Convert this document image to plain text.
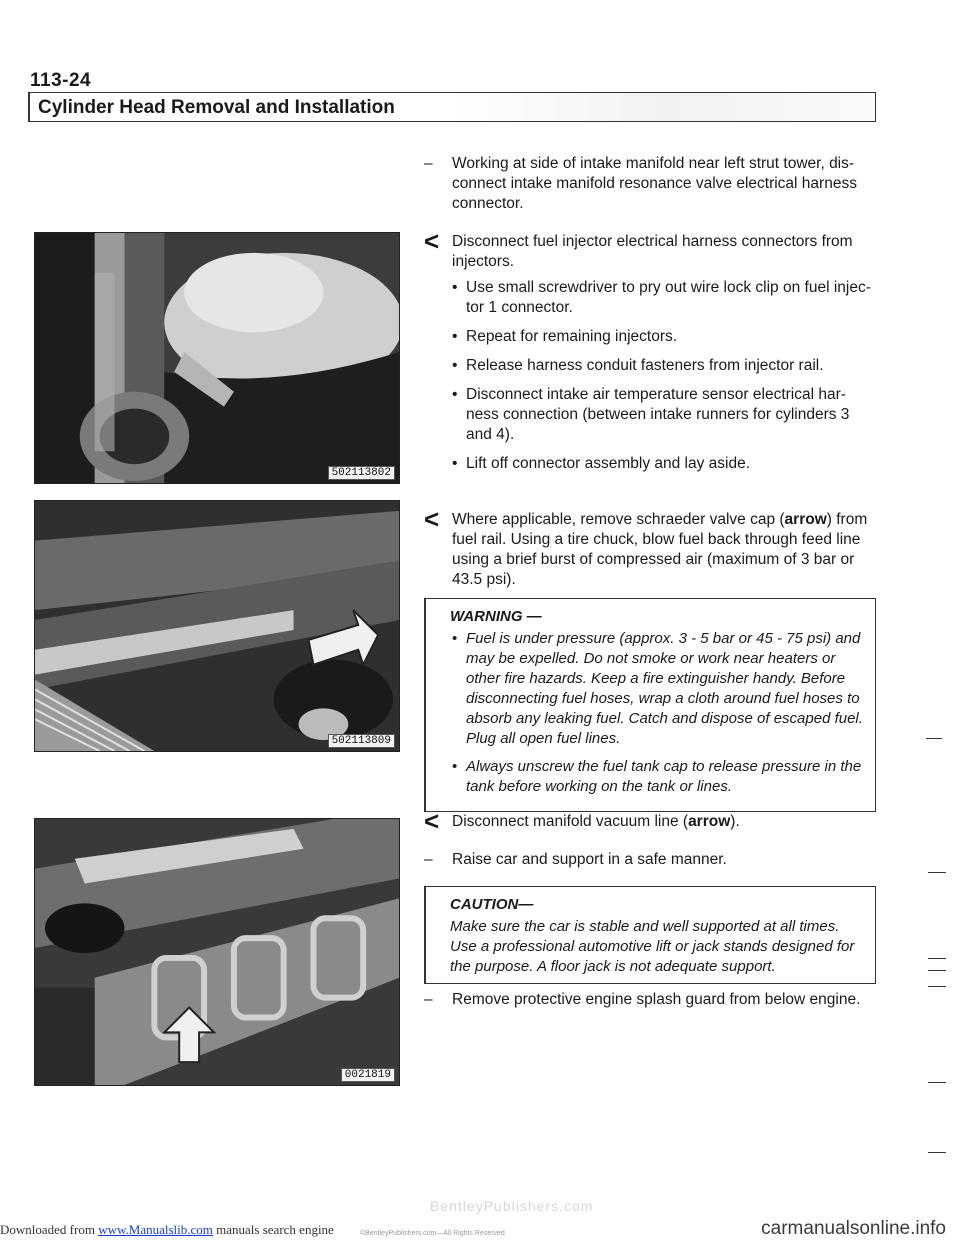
113-24
Cylinder Head Removal and Installation
502113802
502113809
0021819
– Working at side of intake manifold near left strut tower, dis- connect intake manifold resonance valve electrical harness connector.
< Disconnect fuel injector electrical harness connectors from injectors.
• Use small screwdriver to pry out wire lock clip on fuel injec- tor 1 connector.
• Repeat for remaining injectors.
• Release harness conduit fasteners from injector rail.
• Disconnect intake air temperature sensor electrical har- ness connection (between intake runners for cylinders 3 and 4).
• Lift off connector assembly and lay aside.
< Where applicable, remove schraeder valve cap (arrow) from fuel rail. Using a tire chuck, blow fuel back through feed line using a brief burst of compressed air (maximum of 3 bar or 43.5 psi).
WARNING —
• Fuel is under pressure (approx. 3 - 5 bar or 45 - 75 psi) and may be expelled. Do not smoke or work near heaters or other fire hazards. Keep a fire extinguisher handy. Before disconnecting fuel hoses, wrap a cloth around fuel hoses to absorb any leaking fuel. Catch and dispose of escaped fuel. Plug all open fuel lines.
• Always unscrew the fuel tank cap to release pressure in the tank before working on the tank or lines.
< Disconnect manifold vacuum line (arrow).
– Raise car and support in a safe manner.
CAUTION—
Make sure the car is stable and well supported at all times. Use a professional automotive lift or jack stands designed for the purpose. A floor jack is not adequate support.
– Remove protective engine splash guard from below engine.
BentleyPublishers.com
©BentleyPublishers.com—All Rights Reserved
Downloaded from www.Manualslib.com manuals search engine	carmanualsonline.info
